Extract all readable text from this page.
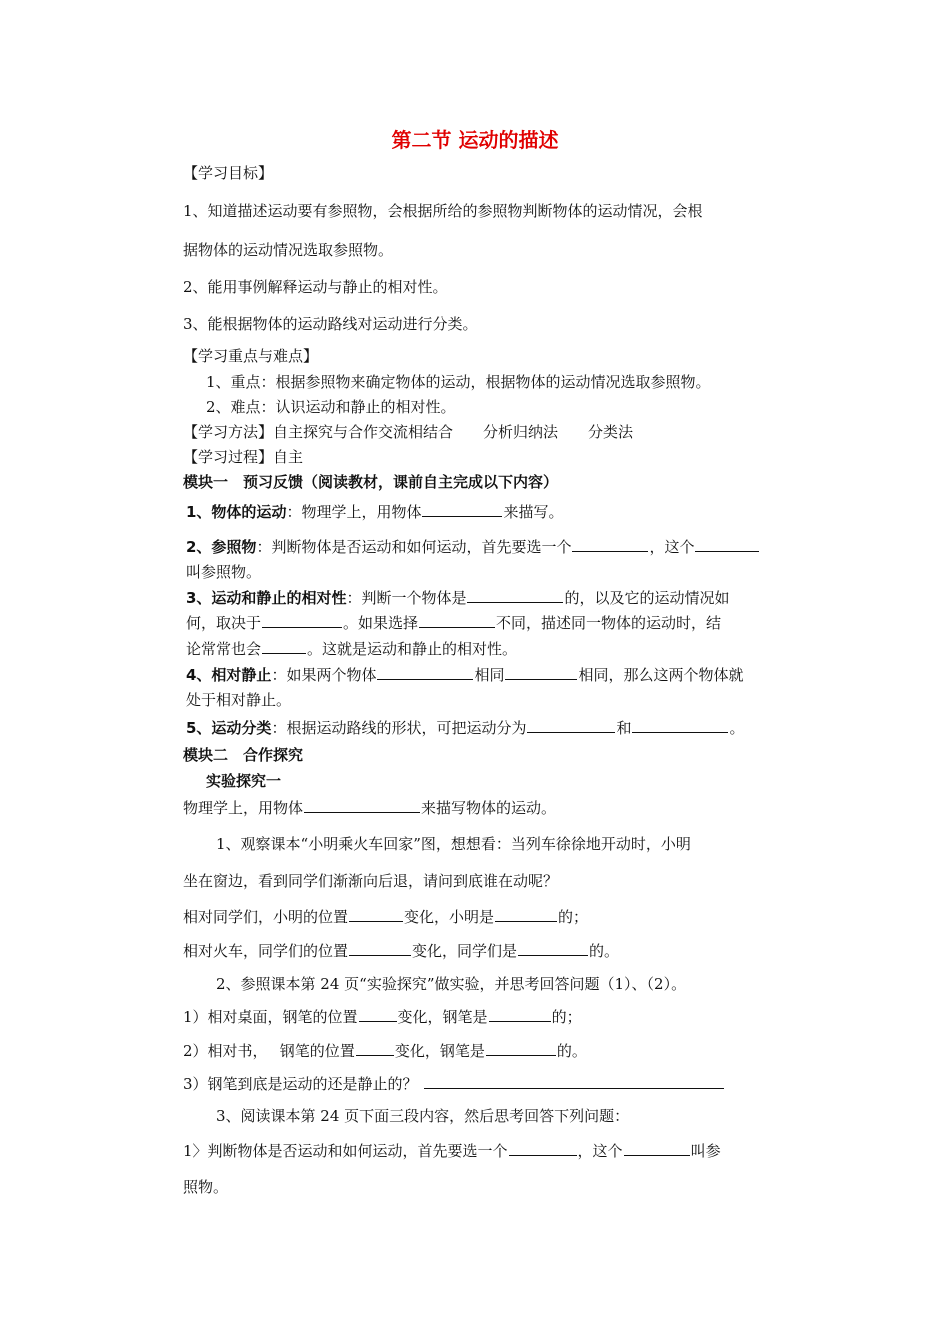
第二节 运动的描述
【学习目标】
1、知道描述运动要有参照物，会根据所给的参照物判断物体的运动情况，会根
据物体的运动情况选取参照物。
2、能用事例解释运动与静止的相对性。
3、能根据物体的运动路线对运动进行分类。
【学习重点与难点】
1、重点：根据参照物来确定物体的运动，根据物体的运动情况选取参照物。
2、难点：认识运动和静止的相对性。
【学习方法】自主探究与合作交流相结合　　分析归纳法　　分类法
【学习过程】自主
模块一　预习反馈（阅读教材，课前自主完成以下内容）
1、物体的运动：物理学上，用物体	来描写。
2、参照物：判断物体是否运动和如何运动，首先要选一个	，这个
叫参照物。
3、运动和静止的相对性：判断一个物体是	的，以及它的运动情况如
何，取决于	。如果选择	不同，描述同一物体的运动时，结
论常常也会	。这就是运动和静止的相对性。
4、相对静止：如果两个物体	相同	相同，那么这两个物体就
处于相对静止。
5、运动分类：根据运动路线的形状，可把运动分为	和	。
模块二　合作探究
实验探究一
物理学上，用物体	来描写物体的运动。
1、观察课本“小明乘火车回家”图，想想看：当列车徐徐地开动时，小明
坐在窗边，看到同学们渐渐向后退，请问到底谁在动呢？
相对同学们，小明的位置	变化，小明是	的；
相对火车，同学们的位置	变化，同学们是	的。
2、参照课本第 24 页“实验探究”做实验，并思考回答问题（1）、（2）。
1）相对桌面，钢笔的位置	变化，钢笔是	的；
2）相对书，　 钢笔的位置	变化，钢笔是	的。
3）钢笔到底是运动的还是静止的？
3、阅读课本第 24 页下面三段内容，然后思考回答下列问题：
1〉判断物体是否运动和如何运动，首先要选一个	，这个	叫参
照物。
